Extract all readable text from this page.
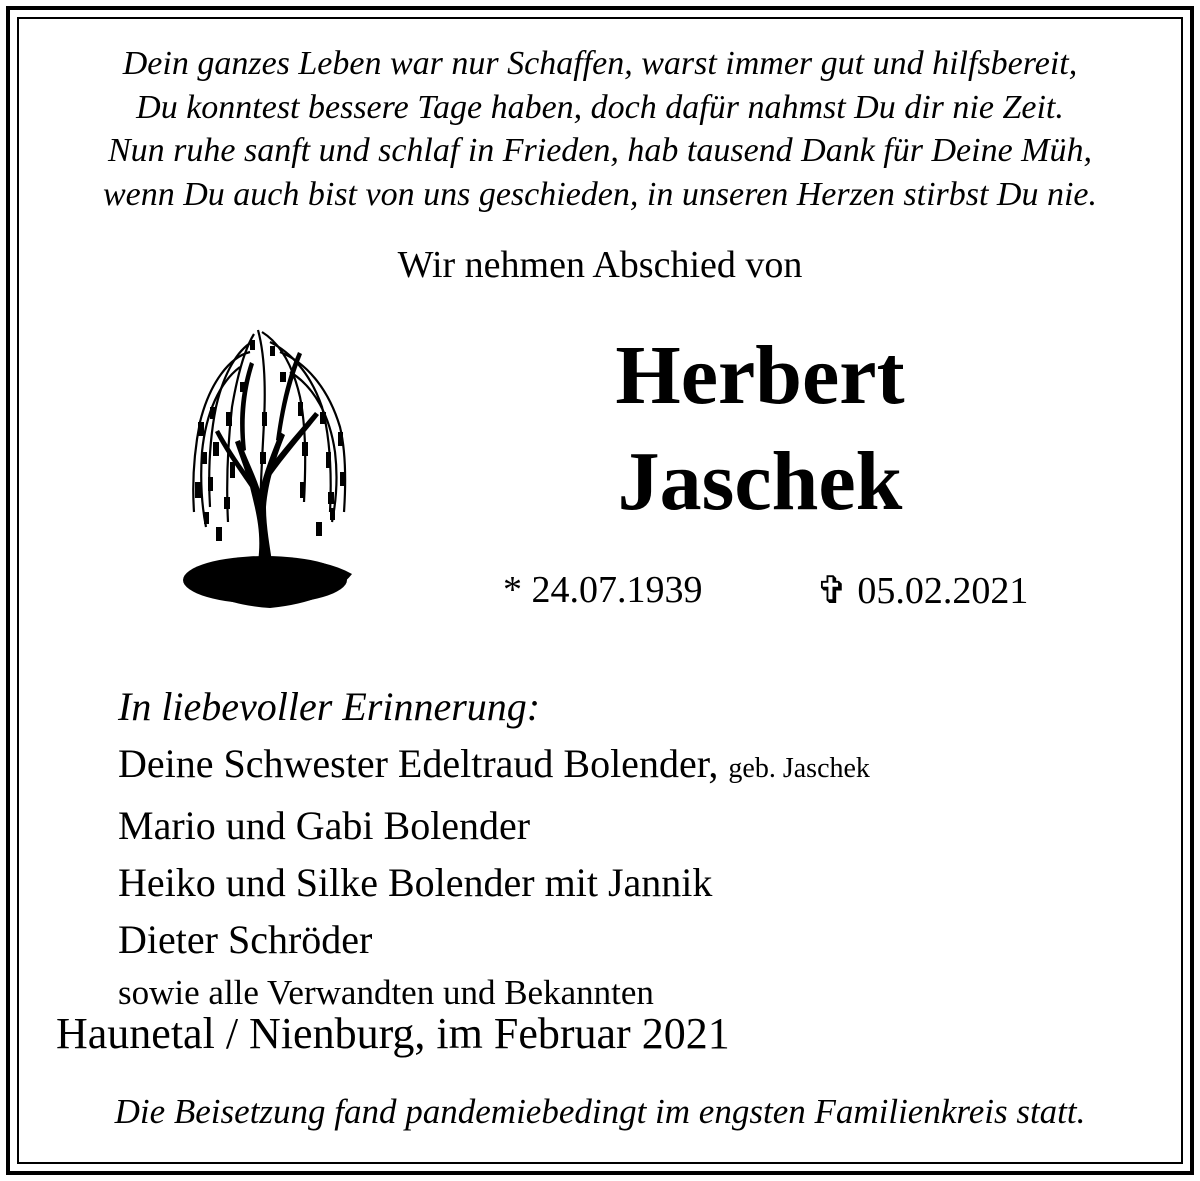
Dein ganzes Leben war nur Schaffen, warst immer gut und hilfsbereit,
Du konntest bessere Tage haben, doch dafür nahmst Du dir nie Zeit.
Nun ruhe sanft und schlaf in Frieden, hab tausend Dank für Deine Müh,
wenn Du auch bist von uns geschieden, in unseren Herzen stirbst Du nie.

Wir nehmen Abschied von

Herbert

Jaschek

* 24.07.1939	✞ 05.02.2021

In liebevoller Erinnerung:
Deine Schwester Edeltraud Bolender, geb. Jaschek
Mario und Gabi Bolender
Heiko und Silke Bolender mit Jannik
Dieter Schröder
sowie alle Verwandten und Bekannten

Haunetal / Nienburg, im Februar 2021

Die Beisetzung fand pandemiebedingt im engsten Familienkreis statt.
